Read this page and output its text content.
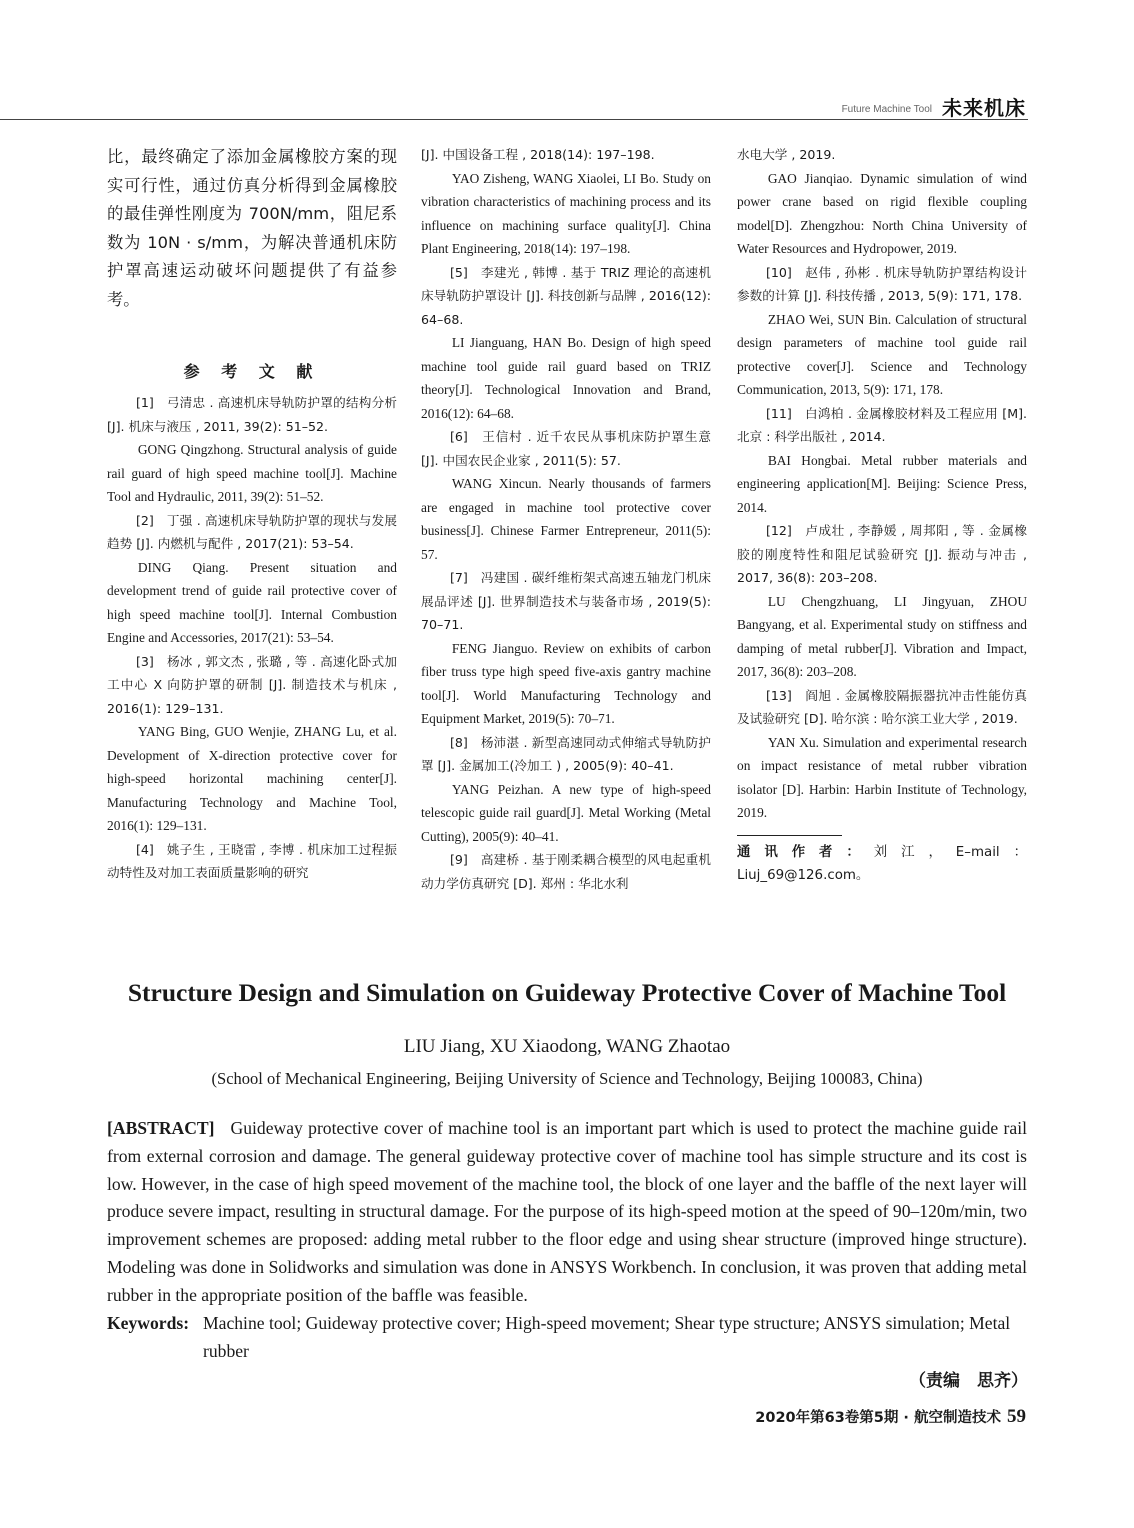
Future Machine Tool 未来机床

比，最终确定了添加金属橡胶方案的现实可行性，通过仿真分析得到金属橡胶的最佳弹性刚度为 700N/mm，阻尼系数为 10N · s/mm，为解决普通机床防护罩高速运动破坏问题提供了有益参考。

参 考 文 献

[1]　弓清忠 . 高速机床导轨防护罩的结构分析 [J]. 机床与液压 , 2011, 39(2): 51–52.

GONG Qingzhong. Structural analysis of guide rail guard of high speed machine tool[J]. Machine Tool and Hydraulic, 2011, 39(2): 51–52.

[2]　丁强 . 高速机床导轨防护罩的现状与发展趋势 [J]. 内燃机与配件 , 2017(21): 53–54.

DING Qiang. Present situation and development trend of guide rail protective cover of high speed machine tool[J]. Internal Combustion Engine and Accessories, 2017(21): 53–54.

[3]　杨冰 , 郭文杰 , 张璐 , 等 . 高速化卧式加工中心 X 向防护罩的研制 [J]. 制造技术与机床 , 2016(1): 129–131.

YANG Bing, GUO Wenjie, ZHANG Lu, et al. Development of X-direction protective cover for high-speed horizontal machining center[J]. Manufacturing Technology and Machine Tool, 2016(1): 129–131.

[4]　姚子生 , 王晓雷 , 李博 . 机床加工过程振动特性及对加工表面质量影响的研究

[J]. 中国设备工程 , 2018(14): 197–198.

YAO Zisheng, WANG Xiaolei, LI Bo. Study on vibration characteristics of machining process and its influence on machining surface quality[J]. China Plant Engineering, 2018(14): 197–198.

[5]　李建光 , 韩博 . 基于 TRIZ 理论的高速机床导轨防护罩设计 [J]. 科技创新与品牌 , 2016(12): 64–68.

LI Jianguang, HAN Bo. Design of high speed machine tool guide rail guard based on TRIZ theory[J]. Technological Innovation and Brand, 2016(12): 64–68.

[6]　王信村 . 近千农民从事机床防护罩生意 [J]. 中国农民企业家 , 2011(5): 57.

WANG Xincun. Nearly thousands of farmers are engaged in machine tool protective cover business[J]. Chinese Farmer Entrepreneur, 2011(5): 57.

[7]　冯建国 . 碳纤维桁架式高速五轴龙门机床展品评述 [J]. 世界制造技术与装备市场 , 2019(5): 70–71.

FENG Jianguo. Review on exhibits of carbon fiber truss type high speed five-axis gantry machine tool[J]. World Manufacturing Technology and Equipment Market, 2019(5): 70–71.

[8]　杨沛湛 . 新型高速同动式伸缩式导轨防护罩 [J]. 金属加工(冷加工 ) , 2005(9): 40–41.

YANG Peizhan. A new type of high-speed telescopic guide rail guard[J]. Metal Working (Metal Cutting), 2005(9): 40–41.

[9]　高建桥 . 基于刚柔耦合模型的风电起重机动力学仿真研究 [D]. 郑州 : 华北水利

水电大学 , 2019.

GAO Jianqiao. Dynamic simulation of wind power crane based on rigid flexible coupling model[D]. Zhengzhou: North China University of Water Resources and Hydropower, 2019.

[10]　赵伟 , 孙彬 . 机床导轨防护罩结构设计参数的计算 [J]. 科技传播 , 2013, 5(9): 171, 178.

ZHAO Wei, SUN Bin. Calculation of structural design parameters of machine tool guide rail protective cover[J]. Science and Technology Communication, 2013, 5(9): 171, 178.

[11]　白鸿柏 . 金属橡胶材料及工程应用 [M]. 北京 : 科学出版社 , 2014.

BAI Hongbai. Metal rubber materials and engineering application[M]. Beijing: Science Press, 2014.

[12]　卢成壮 , 李静媛 , 周邦阳 , 等 . 金属橡胶的刚度特性和阻尼试验研究 [J]. 振动与冲击 , 2017, 36(8): 203–208.

LU Chengzhuang, LI Jingyuan, ZHOU Bangyang, et al. Experimental study on stiffness and damping of metal rubber[J]. Vibration and Impact, 2017, 36(8): 203–208.

[13]　阎旭 . 金属橡胶隔振器抗冲击性能仿真及试验研究 [D]. 哈尔滨 : 哈尔滨工业大学 , 2019.

YAN Xu. Simulation and experimental research on impact resistance of metal rubber vibration isolator [D]. Harbin: Harbin Institute of Technology, 2019.

通讯作者：刘江，E–mail：Liuj_69@126.com。

Structure Design and Simulation on Guideway Protective Cover of Machine Tool
LIU Jiang, XU Xiaodong, WANG Zhaotao
(School of Mechanical Engineering, Beijing University of Science and Technology, Beijing 100083, China)

[ABSTRACT] Guideway protective cover of machine tool is an important part which is used to protect the machine guide rail from external corrosion and damage. The general guideway protective cover of machine tool has simple structure and its cost is low. However, in the case of high speed movement of the machine tool, the block of one layer and the baffle of the next layer will produce severe impact, resulting in structural damage. For the purpose of its high-speed motion at the speed of 90–120m/min, two improvement schemes are proposed: adding metal rubber to the floor edge and using shear structure (improved hinge structure). Modeling was done in Solidworks and simulation was done in ANSYS Workbench. In conclusion, it was proven that adding metal rubber in the appropriate position of the baffle was feasible.

Keywords: Machine tool; Guideway protective cover; High-speed movement; Shear type structure; ANSYS simulation; Metal rubber
（责编　思齐）
2020年第63卷第5期 · 航空制造技术 59
